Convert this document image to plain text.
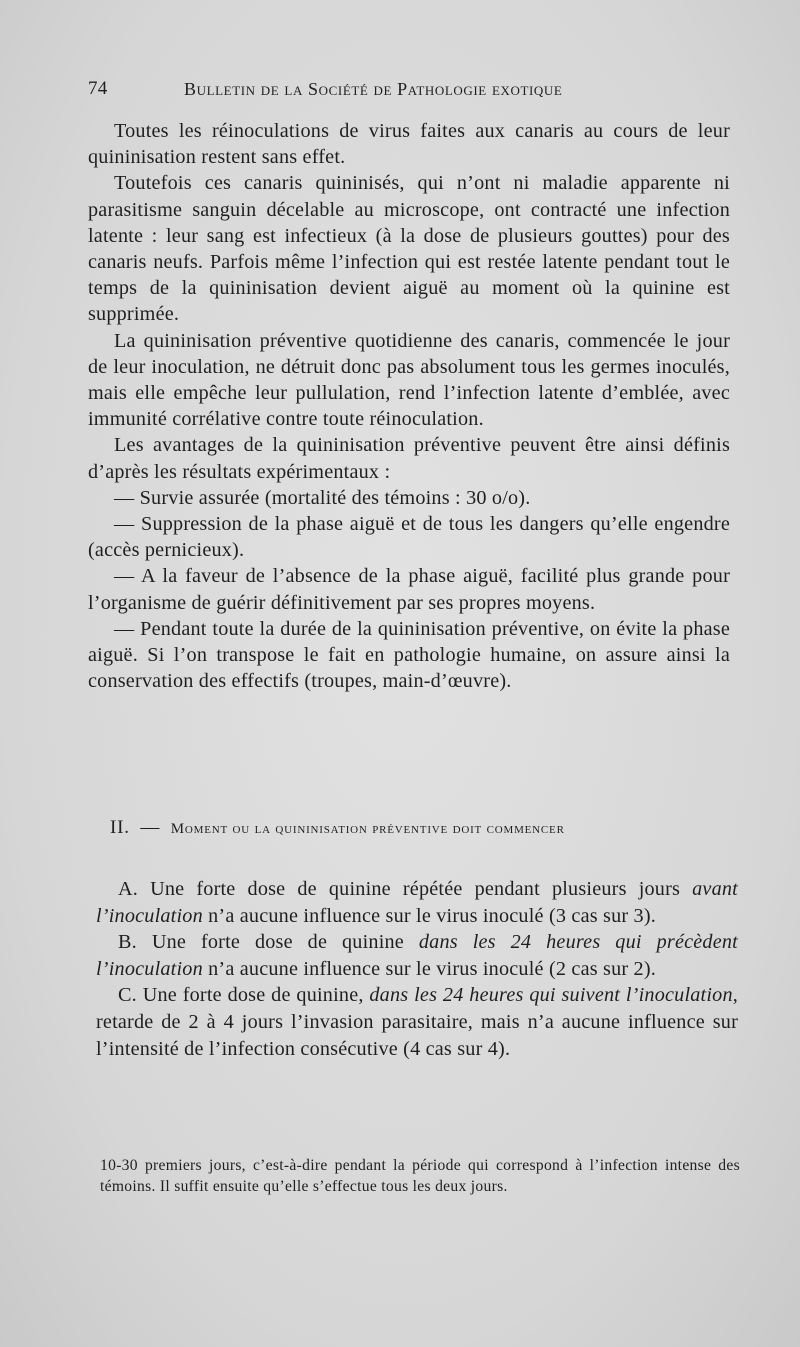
74	Bulletin de la Société de Pathologie exotique

Toutes les réinoculations de virus faites aux canaris au cours de leur quininisation restent sans effet.

Toutefois ces canaris quininisés, qui n’ont ni maladie apparente ni parasitisme sanguin décelable au microscope, ont contracté une infection latente : leur sang est infectieux (à la dose de plusieurs gouttes) pour des canaris neufs. Parfois même l’infection qui est restée latente pendant tout le temps de la quininisation devient aiguë au moment où la quinine est supprimée.

La quininisation préventive quotidienne des canaris, commencée le jour de leur inoculation, ne détruit donc pas absolument tous les germes inoculés, mais elle empêche leur pullulation, rend l’infection latente d’emblée, avec immunité corrélative contre toute réinoculation.

Les avantages de la quininisation préventive peuvent être ainsi définis d’après les résultats expérimentaux :

— Survie assurée (mortalité des témoins : 30 o/o).

— Suppression de la phase aiguë et de tous les dangers qu’elle engendre (accès pernicieux).

— A la faveur de l’absence de la phase aiguë, facilité plus grande pour l’organisme de guérir définitivement par ses propres moyens.

— Pendant toute la durée de la quininisation préventive, on évite la phase aiguë. Si l’on transpose le fait en pathologie humaine, on assure ainsi la conservation des effectifs (troupes, main-d’œuvre).

II. — Moment ou la quininisation préventive doit commencer

A. Une forte dose de quinine répétée pendant plusieurs jours avant l’inoculation n’a aucune influence sur le virus inoculé (3 cas sur 3).

B. Une forte dose de quinine dans les 24 heures qui précèdent l’inoculation n’a aucune influence sur le virus inoculé (2 cas sur 2).

C. Une forte dose de quinine, dans les 24 heures qui suivent l’inoculation, retarde de 2 à 4 jours l’invasion parasitaire, mais n’a aucune influence sur l’intensité de l’infection consécutive (4 cas sur 4).

10-30 premiers jours, c’est-à-dire pendant la période qui correspond à l’infection intense des témoins. Il suffit ensuite qu’elle s’effectue tous les deux jours.
